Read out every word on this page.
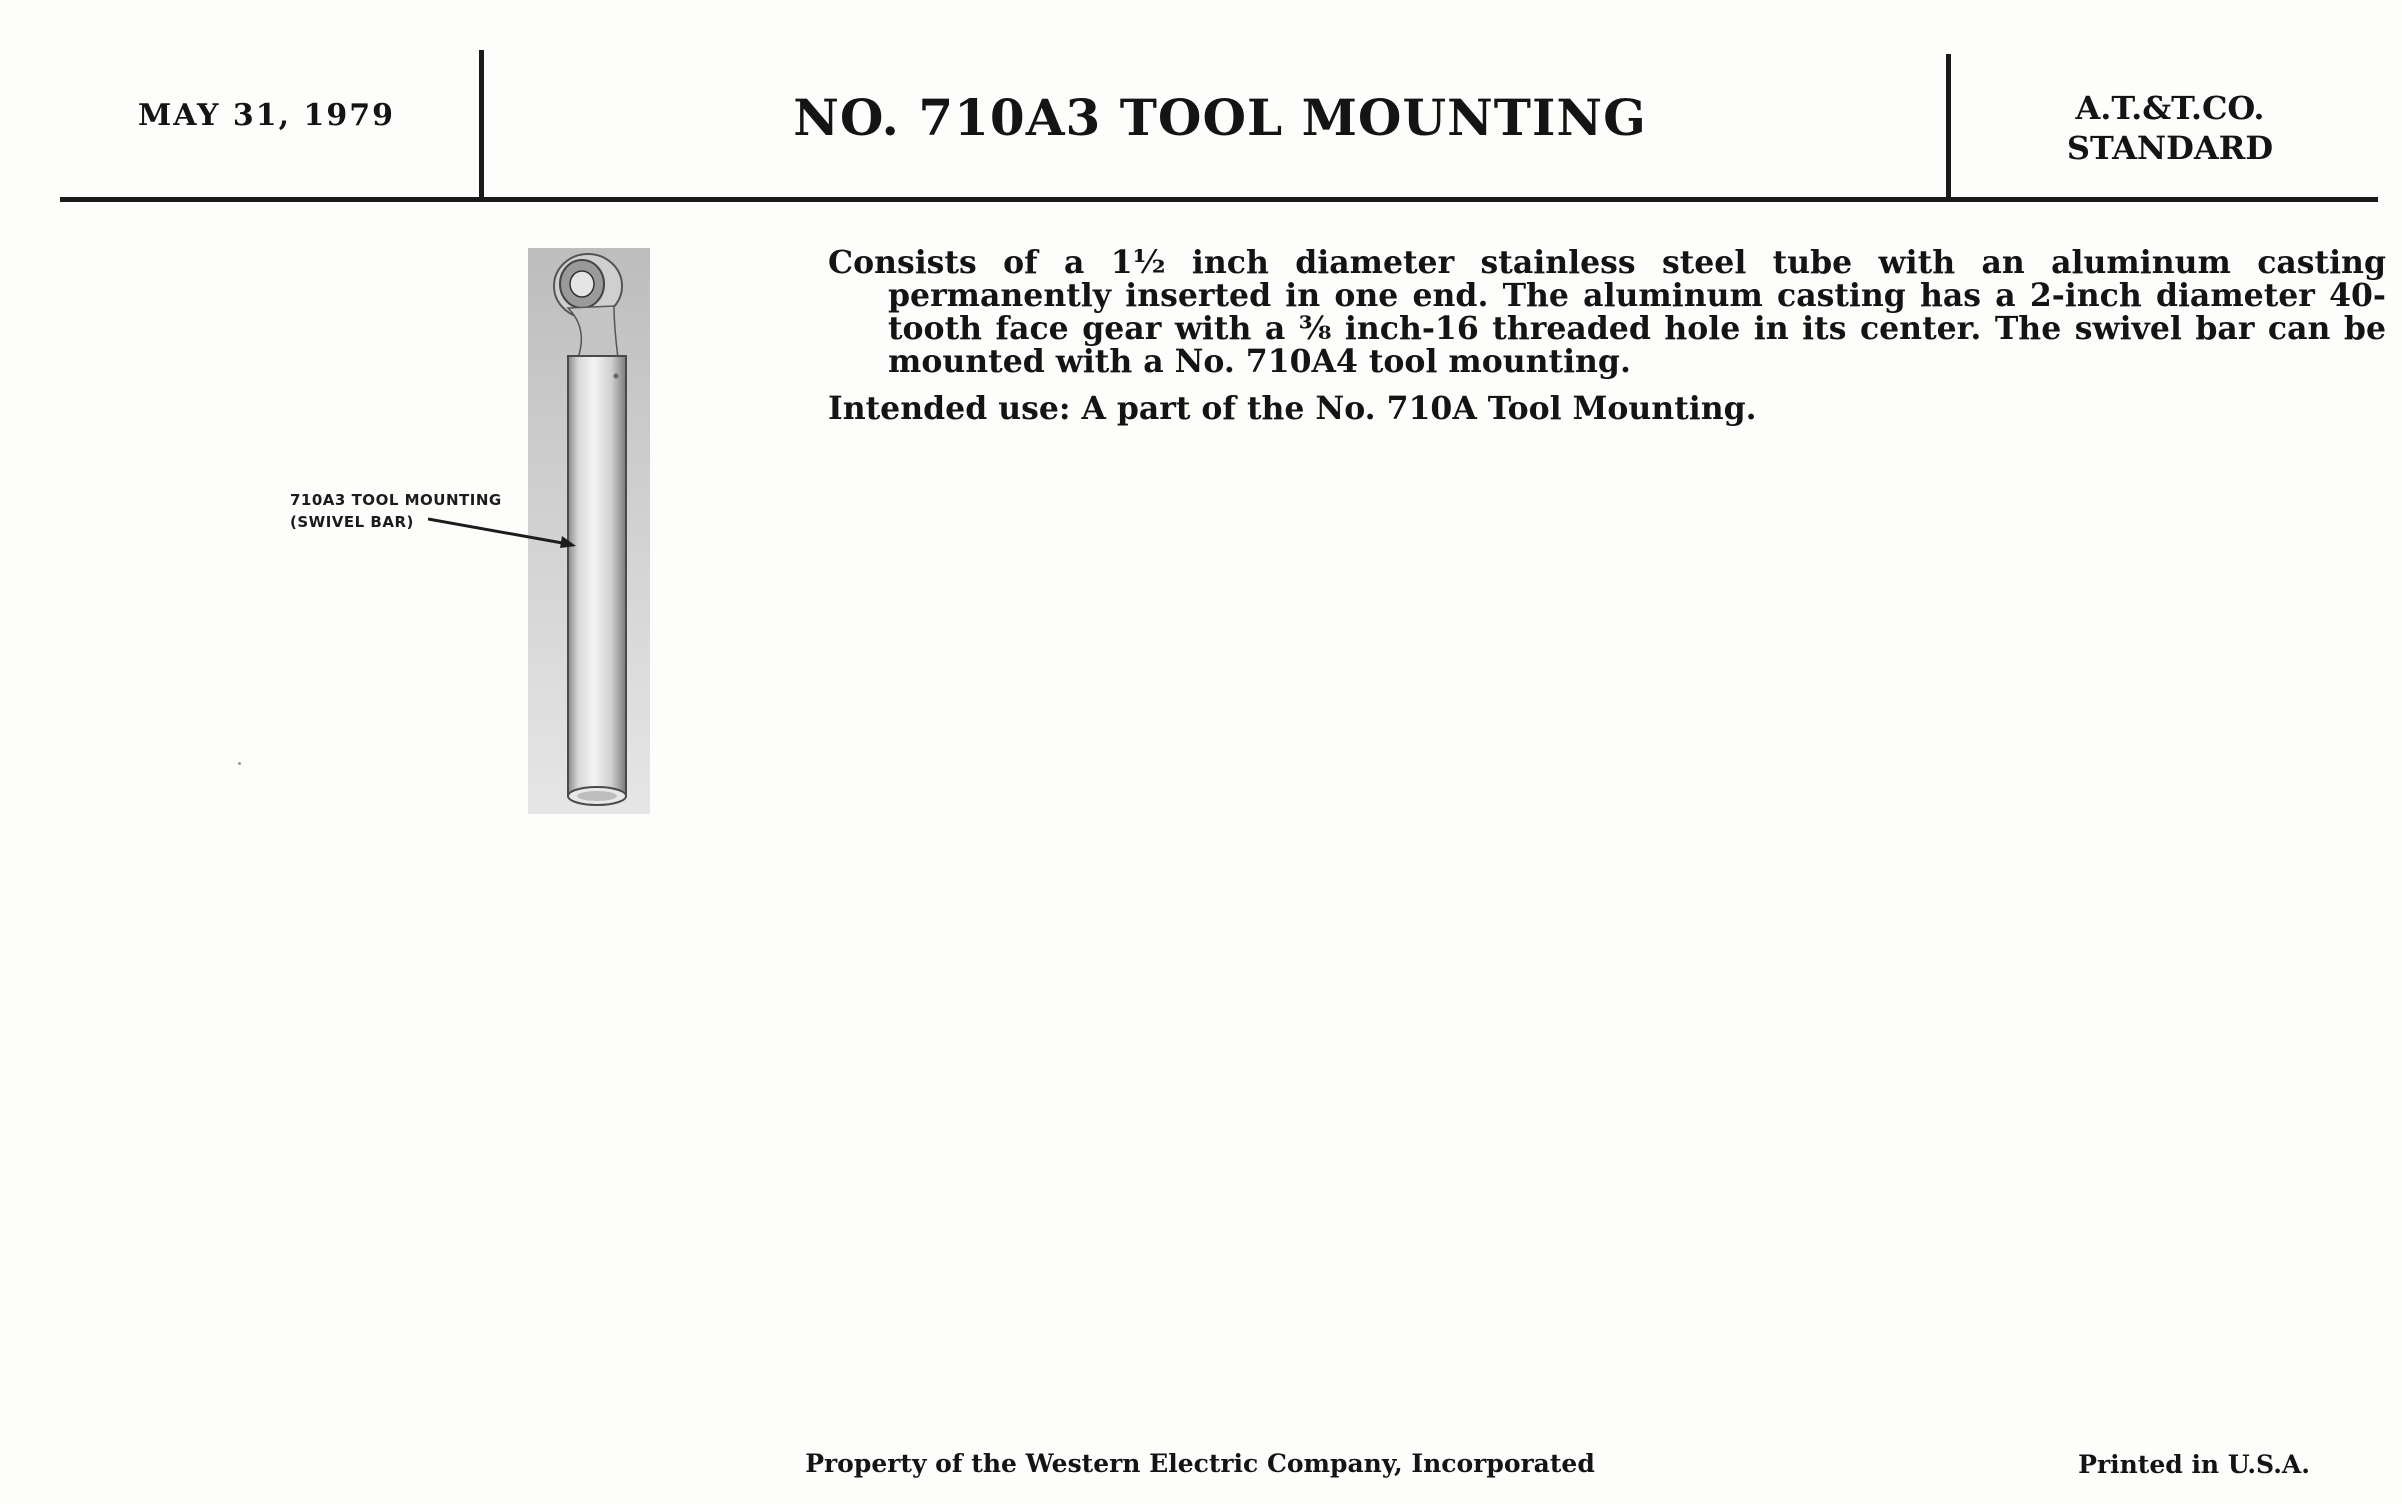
MAY 31, 1979	NO. 710A3 TOOL MOUNTING	A.T.&T.CO.
STANDARD
710A3 TOOL MOUNTING
(SWIVEL BAR)
Consists of a 1½ inch diameter stainless steel tube with an aluminum casting permanently inserted in one end. The aluminum casting has a 2-inch diameter 40-tooth face gear with a ⅜ inch-16 threaded hole in its center. The swivel bar can be mounted with a No. 710A4 tool mounting.
Intended use: A part of the No. 710A Tool Mounting.
Property of the Western Electric Company, Incorporated	Printed in U.S.A.
